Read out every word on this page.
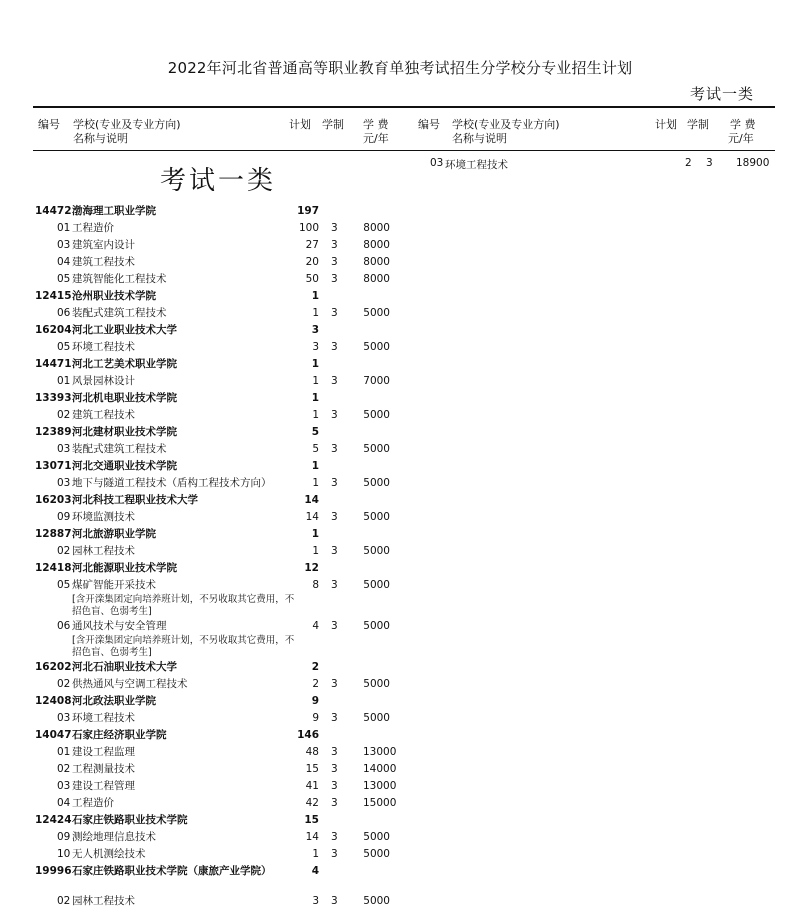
2022年河北省普通高等职业教育单独考试招生分学校分专业招生计划
考试一类
编号 学校(专业及专业方向)
名称与说明
计划 学制 学 费
元/年
编号 学校(专业及专业方向)
名称与说明
计划 学制 学 费
元/年
考试一类
14472 渤海理工职业学院	197
01 工程造价	100 3 8000
03 建筑室内设计	27 3 8000
04 建筑工程技术	20 3 8000
05 建筑智能化工程技术	50 3 8000
12415 沧州职业技术学院	1
06 装配式建筑工程技术	1 3 5000
16204 河北工业职业技术大学	3
05 环境工程技术	3 3 5000
14471 河北工艺美术职业学院	1
01 风景园林设计	1 3 7000
13393 河北机电职业技术学院	1
02 建筑工程技术	1 3 5000
12389 河北建材职业技术学院	5
03 装配式建筑工程技术	5 3 5000
13071 河北交通职业技术学院	1
03 地下与隧道工程技术（盾构工程技术方向）	1 3 5000
16203 河北科技工程职业技术大学	14
09 环境监测技术	14 3 5000
12887 河北旅游职业学院	1
02 园林工程技术	1 3 5000
12418 河北能源职业技术学院	12
05 煤矿智能开采技术	8 3 5000
[含开滦集团定向培养班计划，不另收取其它费用，不招色盲、色弱考生]
06 通风技术与安全管理	4 3 5000
[含开滦集团定向培养班计划，不另收取其它费用，不招色盲、色弱考生]
16202 河北石油职业技术大学	2
02 供热通风与空调工程技术	2 3 5000
12408 河北政法职业学院	9
03 环境工程技术	9 3 5000
14047 石家庄经济职业学院	146
01 建设工程监理	48 3 13000
02 工程测量技术	15 3 14000
03 建设工程管理	41 3 13000
04 工程造价	42 3 15000
12424 石家庄铁路职业技术学院	15
09 测绘地理信息技术	14 3 5000
10 无人机测绘技术	1 3 5000
19996 石家庄铁路职业技术学院（康旅产业学院）	4
02 园林工程技术	3 3 5000
03 环境工程技术	2 3 18900
